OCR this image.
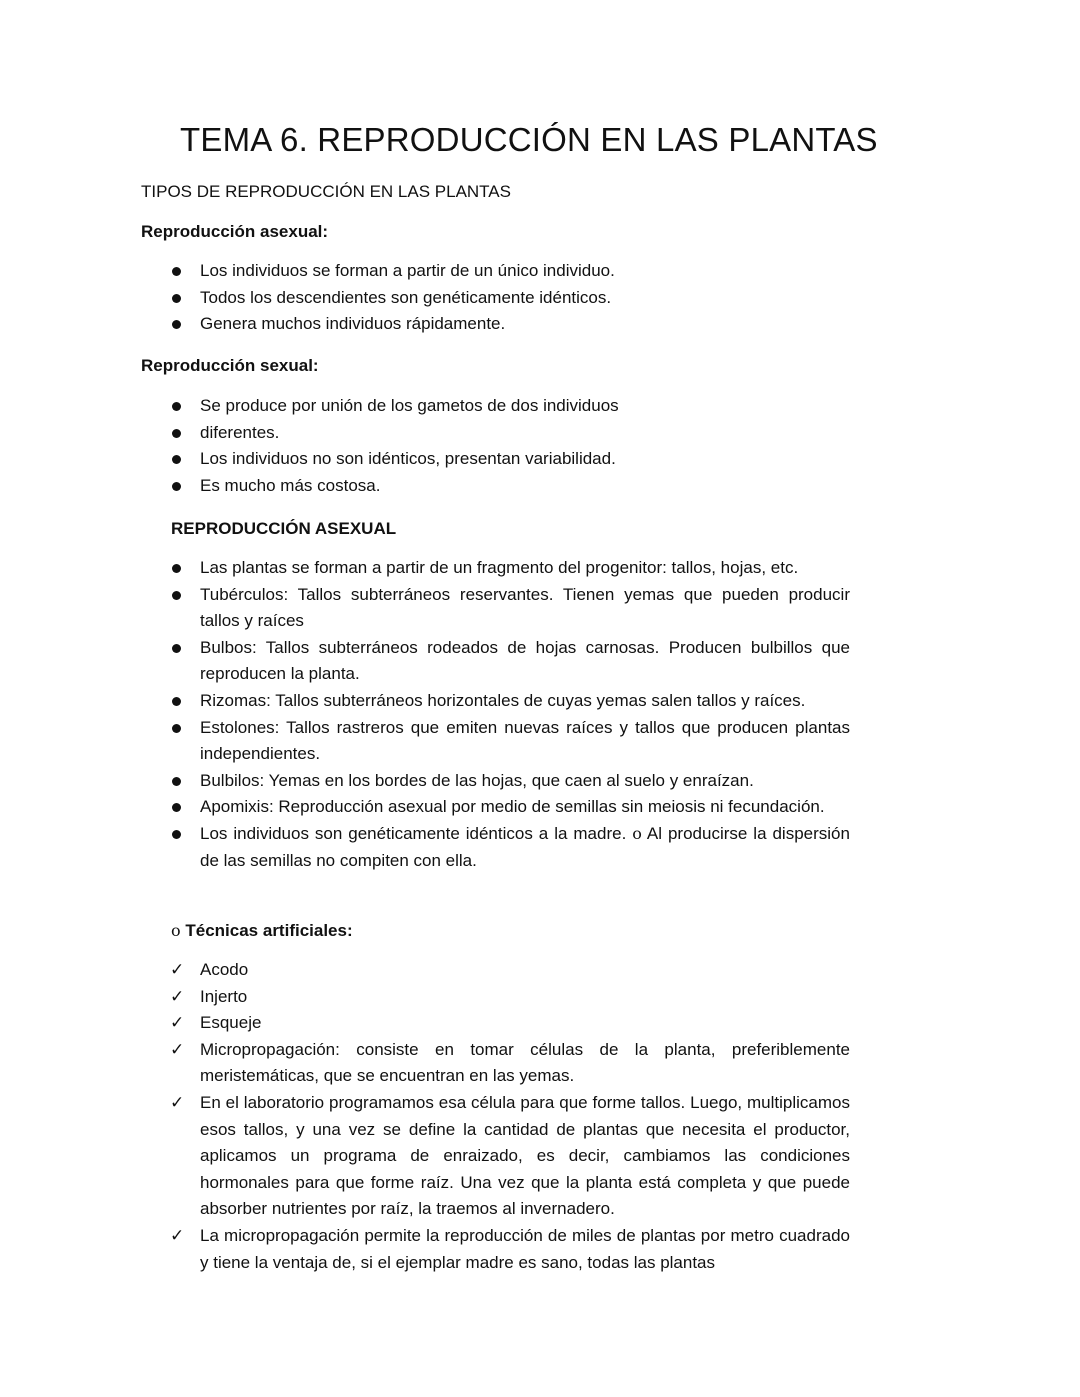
TEMA 6. REPRODUCCIÓN EN LAS PLANTAS
TIPOS DE REPRODUCCIÓN EN LAS PLANTAS
Reproducción asexual:
Los individuos se forman a partir de un único individuo.
Todos los descendientes son genéticamente idénticos.
Genera muchos individuos rápidamente.
Reproducción sexual:
Se produce por unión de los gametos de dos individuos
diferentes.
Los individuos no son idénticos, presentan variabilidad.
Es mucho más costosa.
REPRODUCCIÓN ASEXUAL
Las plantas se forman a partir de un fragmento del progenitor: tallos, hojas, etc.
Tubérculos: Tallos subterráneos reservantes. Tienen yemas que pueden producir tallos y raíces
Bulbos: Tallos subterráneos rodeados de hojas carnosas. Producen bulbillos que reproducen la planta.
Rizomas: Tallos subterráneos horizontales de cuyas yemas salen tallos y raíces.
Estolones: Tallos rastreros que emiten nuevas raíces y tallos que producen plantas independientes.
Bulbilos: Yemas en los bordes de las hojas, que caen al suelo y enraízan.
Apomixis: Reproducción asexual por medio de semillas sin meiosis ni fecundación.
Los individuos son genéticamente idénticos a la madre. o Al producirse la dispersión de las semillas no compiten con ella.
o Técnicas artificiales:
✓ Acodo
✓ Injerto
✓ Esqueje
✓ Micropropagación: consiste en tomar células de la planta, preferiblemente meristemáticas, que se encuentran en las yemas.
✓ En el laboratorio programamos esa célula para que forme tallos. Luego, multiplicamos esos tallos, y una vez se define la cantidad de plantas que necesita el productor, aplicamos un programa de enraizado, es decir, cambiamos las condiciones hormonales para que forme raíz. Una vez que la planta está completa y que puede absorber nutrientes por raíz, la traemos al invernadero.
✓ La micropropagación permite la reproducción de miles de plantas por metro cuadrado y tiene la ventaja de, si el ejemplar madre es sano, todas las plantas
